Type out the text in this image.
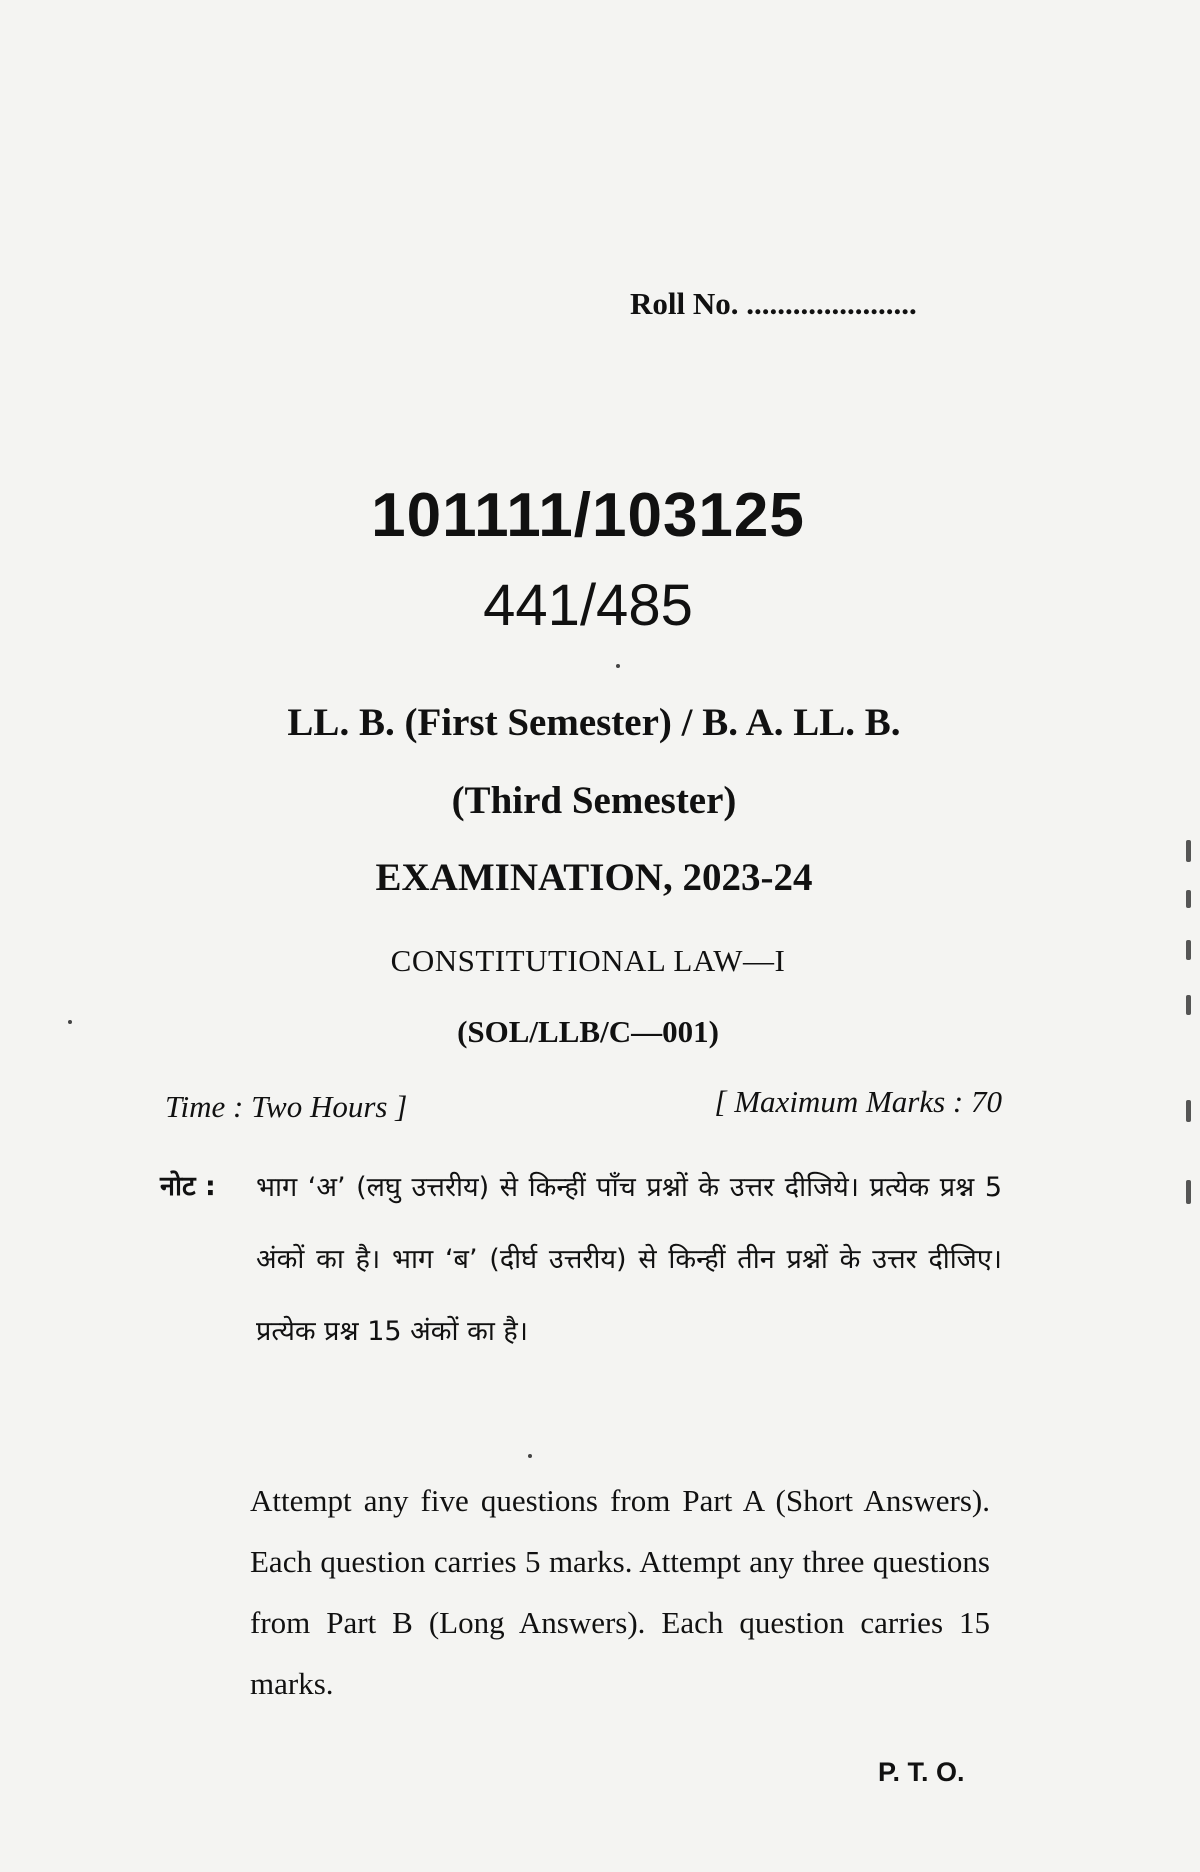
Roll No. ......................
101111/103125
441/485
LL. B. (First Semester) / B. A. LL. B.
(Third Semester)
EXAMINATION, 2023-24
CONSTITUTIONAL LAW—I
(SOL/LLB/C—001)
Time : Two Hours ]	[ Maximum Marks : 70
नोट : भाग ‘अ’ (लघु उत्तरीय) से किन्हीं पाँच प्रश्नों के उत्तर दीजिये। प्रत्येक प्रश्न 5 अंकों का है। भाग ‘ब’ (दीर्घ उत्तरीय) से किन्हीं तीन प्रश्नों के उत्तर दीजिए। प्रत्येक प्रश्न 15 अंकों का है।
Attempt any five questions from Part A (Short Answers). Each question carries 5 marks. Attempt any three questions from Part B (Long Answers). Each question carries 15 marks.
P. T. O.
